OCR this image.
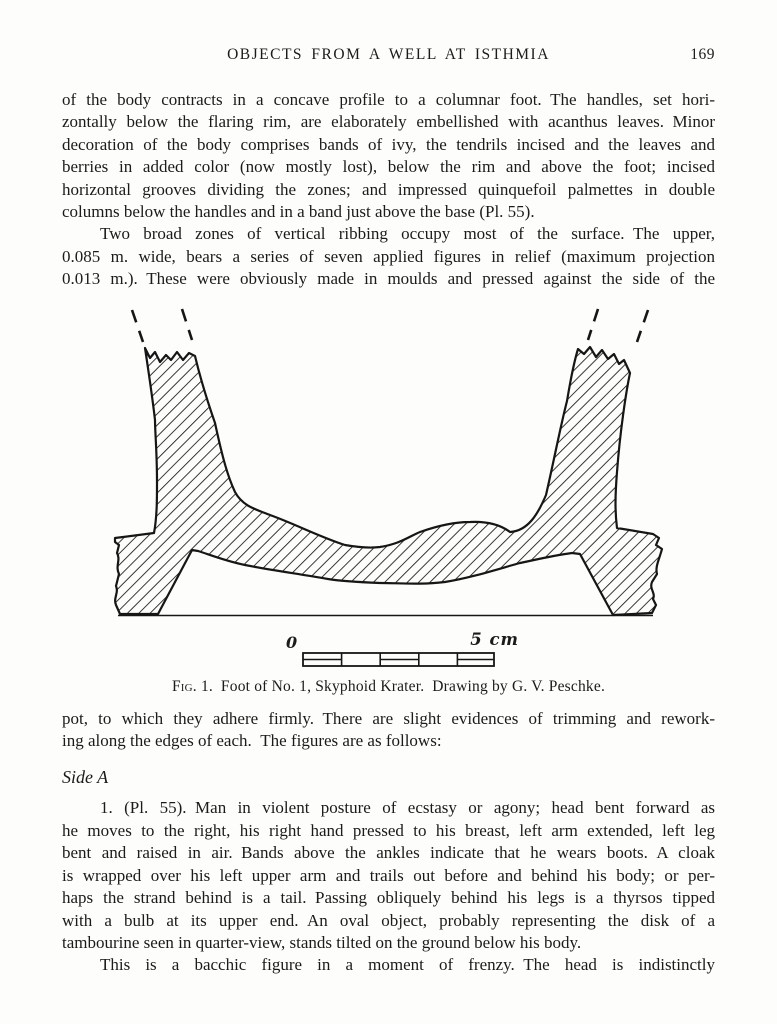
OBJECTS FROM A WELL AT ISTHMIA	169
of the body contracts in a concave profile to a columnar foot. The handles, set hori-
zontally below the flaring rim, are elaborately embellished with acanthus leaves. Minor
decoration of the body comprises bands of ivy, the tendrils incised and the leaves and
berries in added color (now mostly lost), below the rim and above the foot; incised
horizontal grooves dividing the zones; and impressed quinquefoil palmettes in double
columns below the handles and in a band just above the base (Pl. 55).
Two broad zones of vertical ribbing occupy most of the surface. The upper,
0.085 m. wide, bears a series of seven applied figures in relief (maximum projection
0.013 m.). These were obviously made in moulds and pressed against the side of the
0	5 cm
Fig. 1. Foot of No. 1, Skyphoid Krater. Drawing by G. V. Peschke.
pot, to which they adhere firmly. There are slight evidences of trimming and rework-
ing along the edges of each. The figures are as follows:
Side A
1. (Pl. 55). Man in violent posture of ecstasy or agony; head bent forward as
he moves to the right, his right hand pressed to his breast, left arm extended, left leg
bent and raised in air. Bands above the ankles indicate that he wears boots. A cloak
is wrapped over his left upper arm and trails out before and behind his body; or per-
haps the strand behind is a tail. Passing obliquely behind his legs is a thyrsos tipped
with a bulb at its upper end. An oval object, probably representing the disk of a
tambourine seen in quarter-view, stands tilted on the ground below his body.
This is a bacchic figure in a moment of frenzy. The head is indistinctly
